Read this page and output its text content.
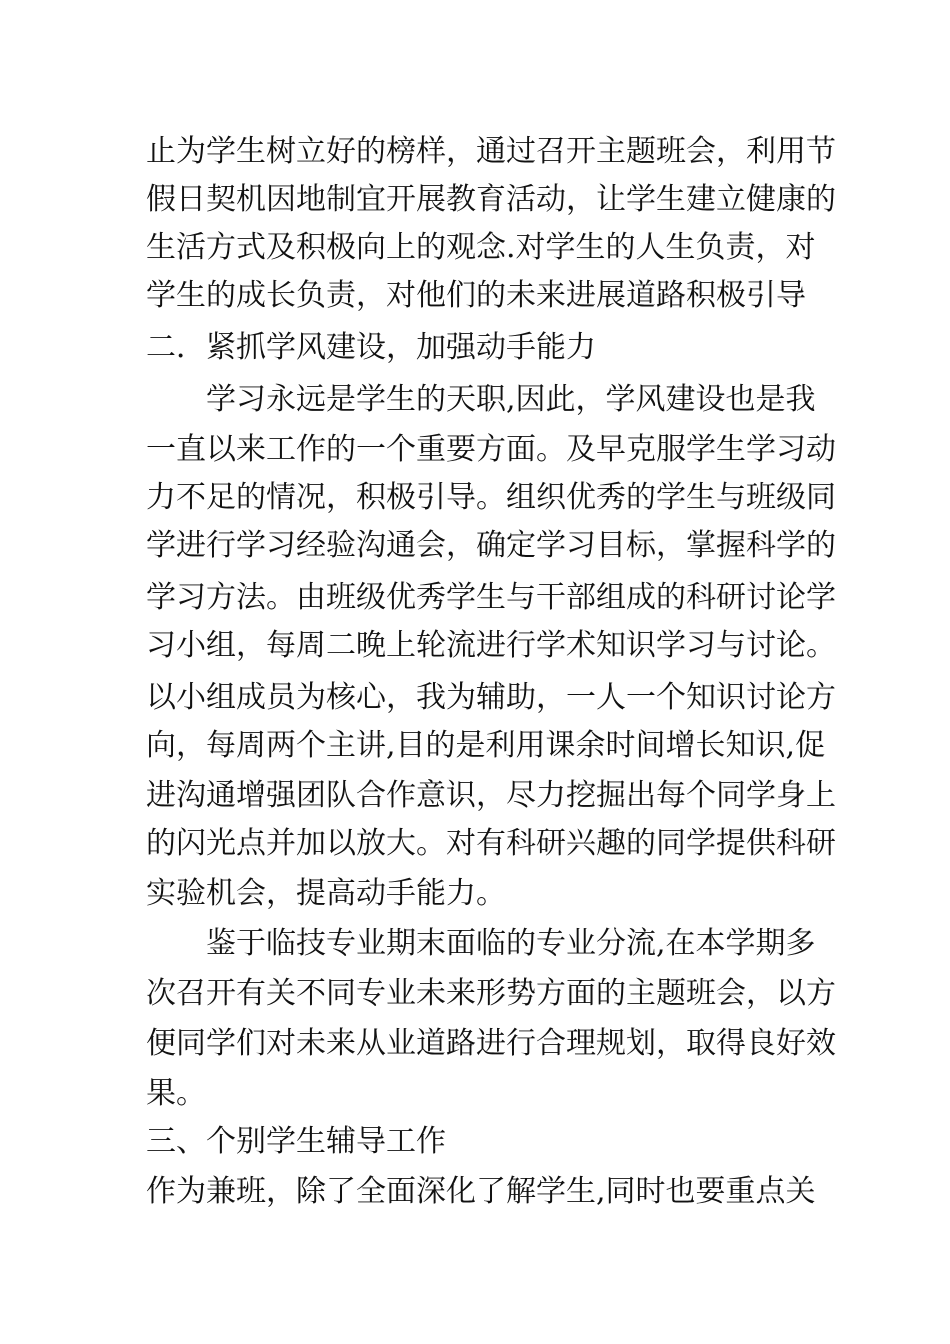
止为学生树立好的榜样，通过召开主题班会，利用节
假日契机因地制宜开展教育活动，让学生建立健康的
生活方式及积极向上的观念.对学生的人生负责，对
学生的成长负责，对他们的未来进展道路积极引导
二．紧抓学风建设，加强动手能力
学习永远是学生的天职,因此，学风建设也是我
一直以来工作的一个重要方面。及早克服学生学习动
力不足的情况，积极引导。组织优秀的学生与班级同
学进行学习经验沟通会，确定学习目标，掌握科学的
学习方法。由班级优秀学生与干部组成的科研讨论学
习小组，每周二晚上轮流进行学术知识学习与讨论。
以小组成员为核心，我为辅助，一人一个知识讨论方
向，每周两个主讲,目的是利用课余时间增长知识,促
进沟通增强团队合作意识，尽力挖掘出每个同学身上
的闪光点并加以放大。对有科研兴趣的同学提供科研
实验机会，提高动手能力。
鉴于临技专业期末面临的专业分流,在本学期多
次召开有关不同专业未来形势方面的主题班会，以方
便同学们对未来从业道路进行合理规划，取得良好效
果。
三、个别学生辅导工作
作为兼班，除了全面深化了解学生,同时也要重点关
